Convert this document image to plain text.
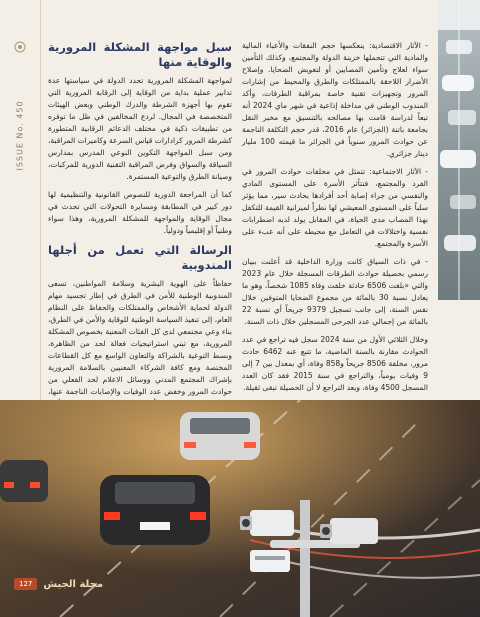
ISSUE No. 450

- الآثار الاقتصادية: ينعكسها حجم النفقات والأعباء المالية والمادية التي تتحملها خزينة الدولة والمجتمع، وكذلك التأمين سواء لعلاج وتأمين المصابين أو لتعويض الضحايا. وإصلاح الأضرار اللاحقة بالممتلكات والطرق والمحيط من إشارات المرور وتجهيزات تقنية خاصة بمراقبة الطرقات، وأكد المندوب الوطني في مداخلة إذاعية في شهر ماي 2024 أنه تبعاً لدراسة قامت بها مصالحه بالتنسيق مع مخبر النقل بجامعة باتنة (الجزائر) عام 2016، قدر حجم التكلفة الناجمة عن حوادث المرور سنوياً في الجزائر ما قيمته 100 مليار دينار جزائري.

- الآثار الاجتماعية: تتمثل في مخلفات حوادث المرور في الفرد والمجتمع، فتتأثر الأسرة على المستوى المادي والنفسي من جراء إصابة أحد أفرادها بحادث سير، مما يؤثر سلباً على المستوى المعيشي لها نظراً لميزانية القيمة للتكفل بهذا المصاب مدى الحياة، في المقابل يولد لديه اضطرابات نفسية واختلالات في التعامل مع محيطه على أنه عبء على الأسرة والمجتمع.

- في ذات السياق كانت وزارة الداخلية قد أعلنت ببيان رسمي بحصيلة حوادث الطرقات المسجلة خلال عام 2023 والتي «بلغت 6506 حادثة خلفت وفاة 1085 شخصاً، وهو ما يعادل نسبة 30 بالمائة من مجموع الضحايا المتوفين خلال نفس السنة، إلى جانب تسجيل 9379 جريحاً أي نسبة 22 بالمائة من إجمالي عدد الجرحى المسجلين خلال ذات السنة.

وخلال الثلاثي الأول من سنة 2024 سجل فيه تراجع في عدد الحوادث مقارنة بالسنة الماضية، ما تتبع عنه 6462 حادث مرور، مخلفة 8506 جريحاً و858 وفاة، أي بمعدل بين 7 إلى 9 وفيات يومياً، والتراجع في سنة 2015 فقد كان العدد المسجل 4500 وفاة، ويعد التراجع لا أن الحصيلة تبقى ثقيلة.

سبل مواجهة المشكلة المرورية والوقاية منها

لمواجهة المشكلة المرورية تحدد الدولة في سياستها عدة تدابير عملية بداية من الوقاية إلى الرقابة المرورية التي تقوم بها أجهزة الشرطة والدرك الوطني وبعض الهيئات المتخصصة في المجال. لردع المخالفين في ظل ما توفره من تطبيقات ذكية في مختلف الدعائم الرقابية المتطورة كشرطة المرور كرادارات قياس السرعة وكاميرات المراقبة، ومن سبل المواجهة التكوين النوعي المدرس بمدارس السياقة والسواق وفرض المراقبة التقنية الدورية للمركبات، وصيانة الطرق والتوعية المستمرة.

كما أن المراجعة الدورية للنصوص القانونية والتنظيمية لها دور كبير في المطابقة ومسايرة التحولات التي تحدث في مجال الوقاية والمواجهة للمشكلة المرورية، وهذا سواء وطنياً أو إقليمياً ودولياً.

الرسالة التي تعمل من أجلها المندوبية

حفاظاً على الهوية البشرية وسلامة المواطنين، تسعى المندوبية الوطنية للأمن في الطرق في إطار تجسيد مهام الدولة لحماية الأشخاص والممتلكات والحفاظ على النظام العام، إلى تنفيذ السياسة الوطنية للوقاية والأمن في الطرق، بناء وعي مجتمعي لدى كل الفئات المعنية بخصوص المشكلة المرورية، مع تبني استراتيجيات فعالة لحد من الظاهرة، وبسط التوعية بالشراكة والتعاون الواسع مع كل القطاعات المختصة ومع كافة الشركاء المعنيين بالسلامة المرورية بإشراك المجتمع المدني ووسائل الاعلام لحد الفعلي من حوادث المرور وخفض عدد الوفيات والإصابات الناجمة عنها،

127	مجلة الجيش
